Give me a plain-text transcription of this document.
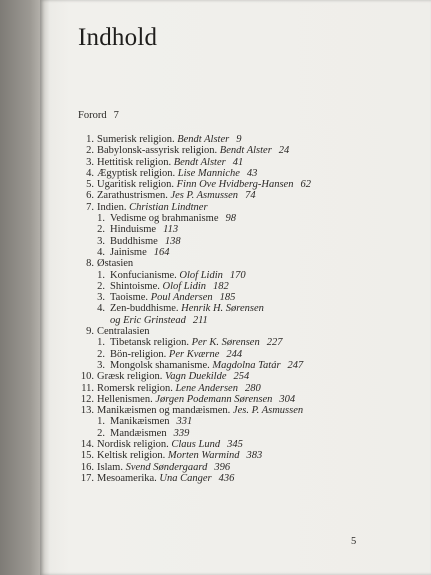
Indhold
Forord 7
1. Sumerisk religion. Bendt Alster 9
2. Babylonsk-assyrisk religion. Bendt Alster 24
3. Hettitisk religion. Bendt Alster 41
4. Ægyptisk religion. Lise Manniche 43
5. Ugaritisk religion. Finn Ove Hvidberg-Hansen 62
6. Zarathustrismen. Jes P. Asmussen 74
7. Indien. Christian Lindtner
1. Vedisme og brahmanisme 98
2. Hinduisme 113
3. Buddhisme 138
4. Jainisme 164
8. Østasien
1. Konfucianisme. Olof Lidin 170
2. Shintoisme. Olof Lidin 182
3. Taoisme. Poul Andersen 185
4. Zen-buddhisme. Henrik H. Sørensen
og Eric Grinstead 211
9. Centralasien
1. Tibetansk religion. Per K. Sørensen 227
2. Bön-religion. Per Kværne 244
3. Mongolsk shamanisme. Magdolna Tatár 247
10. Græsk religion. Vagn Duekilde 254
11. Romersk religion. Lene Andersen 280
12. Hellenismen. Jørgen Podemann Sørensen 304
13. Manikæismen og mandæismen. Jes. P. Asmussen
1. Manikæismen 331
2. Mandæismen 339
14. Nordisk religion. Claus Lund 345
15. Keltisk religion. Morten Warmind 383
16. Islam. Svend Søndergaard 396
17. Mesoamerika. Una Canger 436
5
